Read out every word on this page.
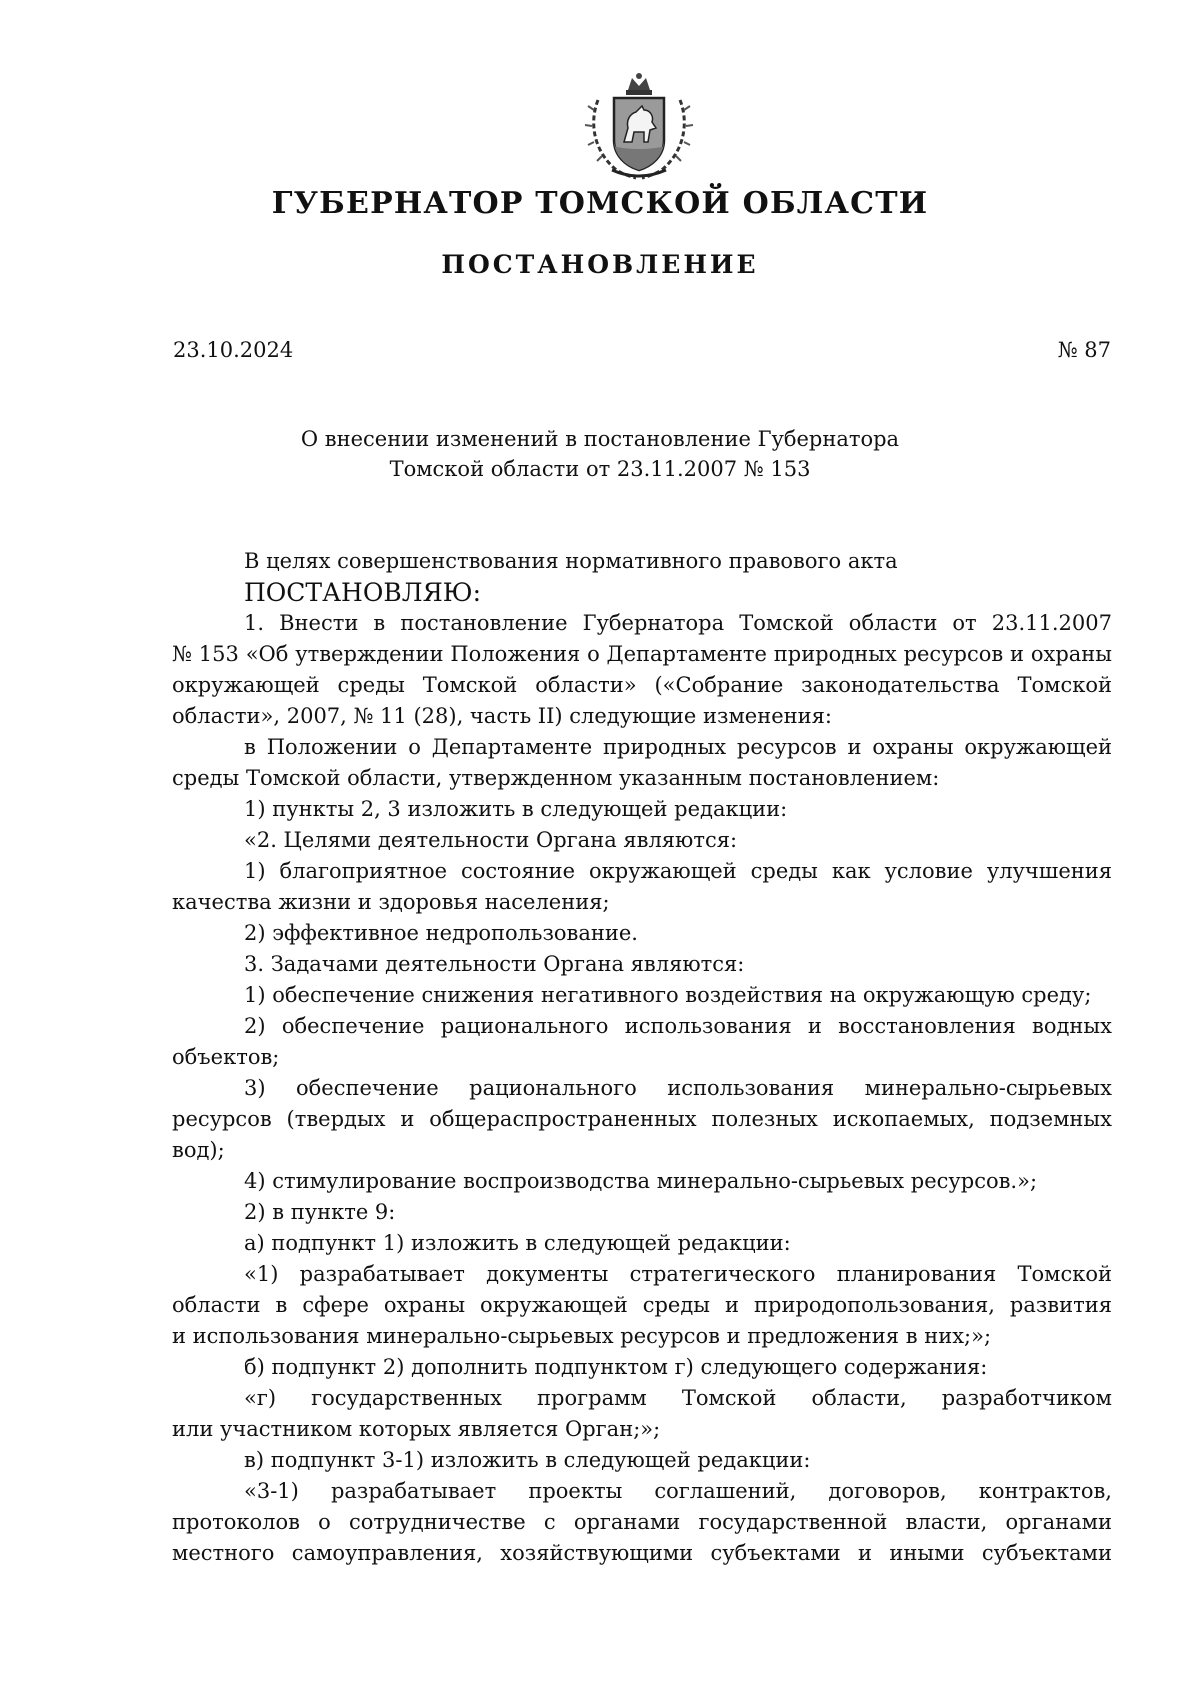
ГУБЕРНАТОР ТОМСКОЙ ОБЛАСТИ
ПОСТАНОВЛЕНИЕ
23.10.2024	№ 87
О внесении изменений в постановление Губернатора
Томской области от 23.11.2007 № 153
В целях совершенствования нормативного правового акта
ПОСТАНОВЛЯЮ:
1. Внести в постановление Губернатора Томской области от 23.11.2007
№ 153 «Об утверждении Положения о Департаменте природных ресурсов и охраны
окружающей среды Томской области» («Собрание законодательства Томской
области», 2007, № 11 (28), часть II) следующие изменения:
в Положении о Департаменте природных ресурсов и охраны окружающей
среды Томской области, утвержденном указанным постановлением:
1) пункты 2, 3 изложить в следующей редакции:
«2. Целями деятельности Органа являются:
1) благоприятное состояние окружающей среды как условие улучшения
качества жизни и здоровья населения;
2) эффективное недропользование.
3. Задачами деятельности Органа являются:
1) обеспечение снижения негативного воздействия на окружающую среду;
2) обеспечение рационального использования и восстановления водных
объектов;
3) обеспечение рационального использования минерально-сырьевых
ресурсов (твердых и общераспространенных полезных ископаемых, подземных
вод);
4) стимулирование воспроизводства минерально-сырьевых ресурсов.»;
2) в пункте 9:
а) подпункт 1) изложить в следующей редакции:
«1) разрабатывает документы стратегического планирования Томской
области в сфере охраны окружающей среды и природопользования, развития
и использования минерально-сырьевых ресурсов и предложения в них;»;
б) подпункт 2) дополнить подпунктом г) следующего содержания:
«г) государственных программ Томской области, разработчиком
или участником которых является Орган;»;
в) подпункт 3-1) изложить в следующей редакции:
«3-1) разрабатывает проекты соглашений, договоров, контрактов,
протоколов о сотрудничестве с органами государственной власти, органами
местного самоуправления, хозяйствующими субъектами и иными субъектами
